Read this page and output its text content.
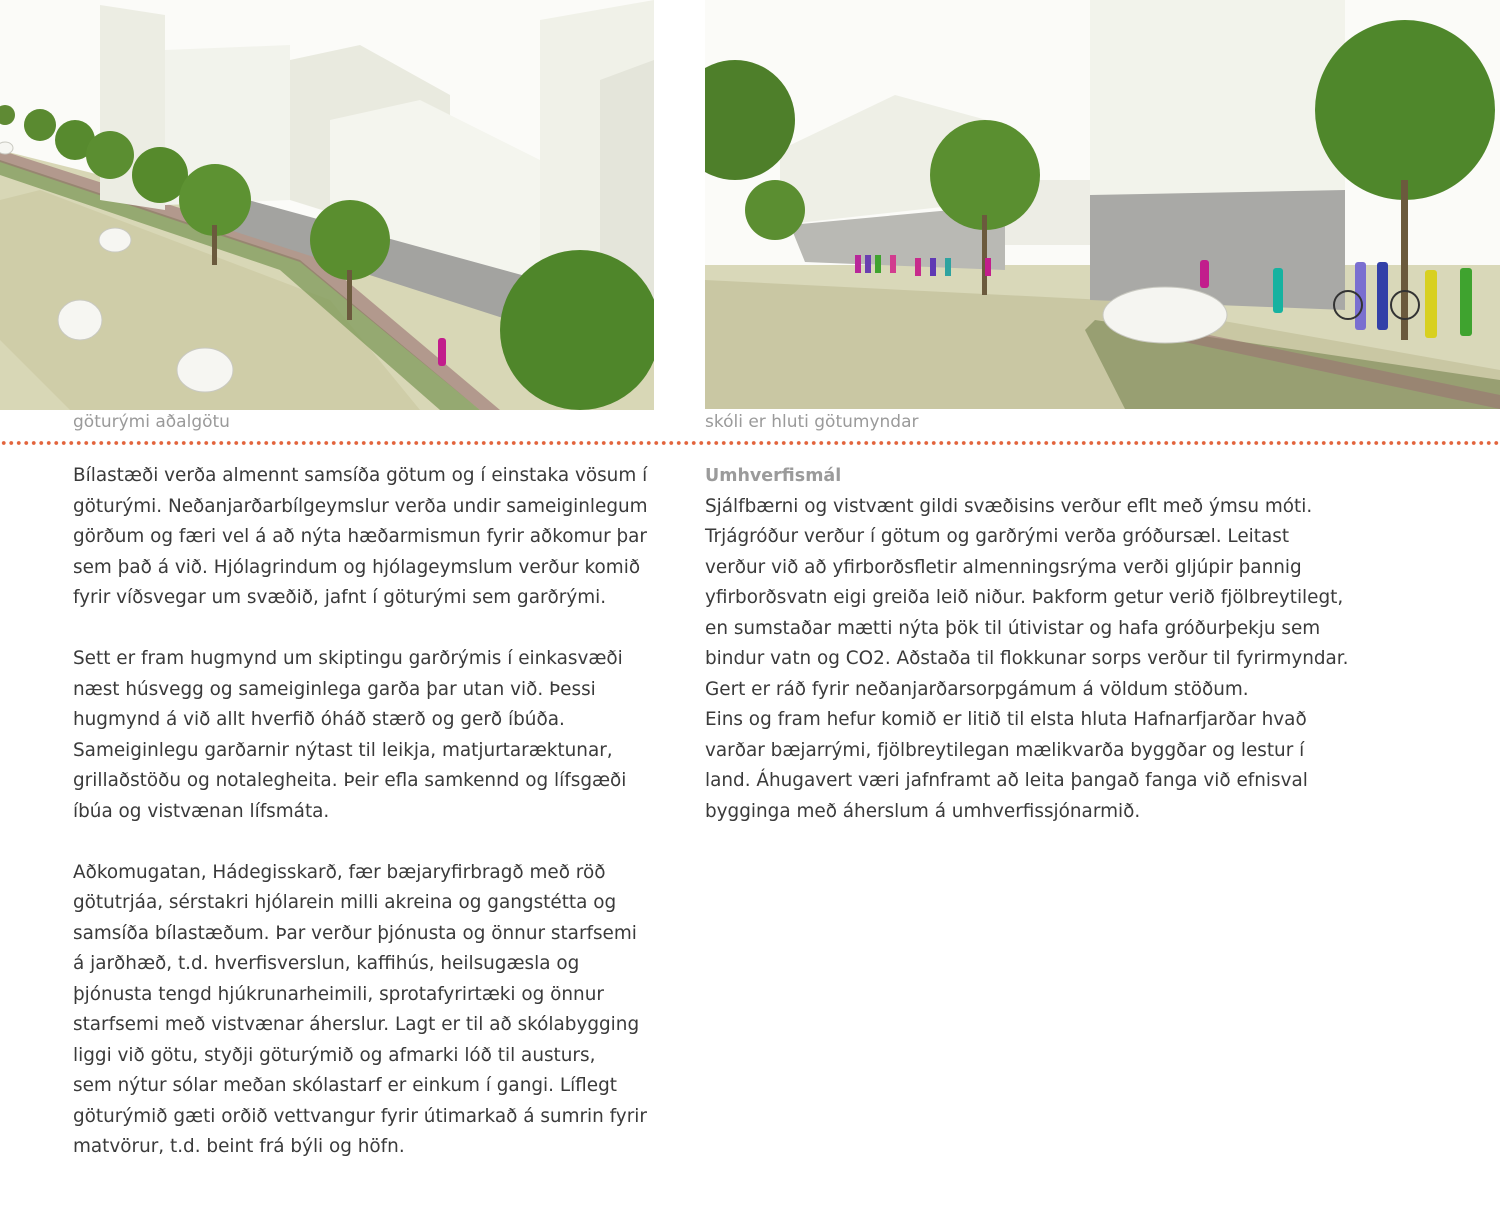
göturými aðalgötu	skóli er hluti götumyndar

Bílastæði verða almennt samsíða götum og í einstaka vösum í

göturými. Neðanjarðarbílgeymslur verða undir sameiginlegum

görðum og færi vel á að nýta hæðarmismun fyrir aðkomur þar

sem það á við. Hjólagrindum og hjólageymslum verður komið

fyrir víðsvegar um svæðið, jafnt í göturými sem garðrými.

Sett er fram hugmynd um skiptingu garðrýmis í einkasvæði

næst húsvegg og sameiginlega garða þar utan við. Þessi

hugmynd á við allt hverfið óháð stærð og gerð íbúða.

Sameiginlegu garðarnir nýtast til leikja, matjurtaræktunar,

grillaðstöðu og notalegheita. Þeir efla samkennd og lífsgæði

íbúa og vistvænan lífsmáta.

Aðkomugatan, Hádegisskarð, fær bæjaryfirbragð með röð

götutrjáa, sérstakri hjólarein milli akreina og gangstétta og

samsíða bílastæðum. Þar verður þjónusta og önnur starfsemi

á jarðhæð, t.d. hverfisverslun, kaffihús, heilsugæsla og

þjónusta tengd hjúkrunarheimili, sprotafyrirtæki og önnur

starfsemi með vistvænar áherslur. Lagt er til að skólabygging

liggi við götu, styðji göturýmið og afmarki lóð til austurs,

sem nýtur sólar meðan skólastarf er einkum í gangi. Líflegt

göturýmið gæti orðið vettvangur fyrir útimarkað á sumrin fyrir

matvörur, t.d. beint frá býli og höfn.

Umhverfismál

Sjálfbærni og vistvænt gildi svæðisins verður eflt með ýmsu móti.

Trjágróður verður í götum og garðrými verða gróðursæl. Leitast

verður við að yfirborðsfletir almenningsrýma verði gljúpir þannig

yfirborðsvatn eigi greiða leið niður. Þakform getur verið fjölbreytilegt,

en sumstaðar mætti nýta þök til útivistar og hafa gróðurþekju sem

bindur vatn og CO2. Aðstaða til flokkunar sorps verður til fyrirmyndar.

Gert er ráð fyrir neðanjarðarsorpgámum á völdum stöðum.

Eins og fram hefur komið er litið til elsta hluta Hafnarfjarðar hvað

varðar bæjarrými, fjölbreytilegan mælikvarða byggðar og lestur í

land. Áhugavert væri jafnframt að leita þangað fanga við efnisval

bygginga með áherslum á umhverfissjónarmið.
